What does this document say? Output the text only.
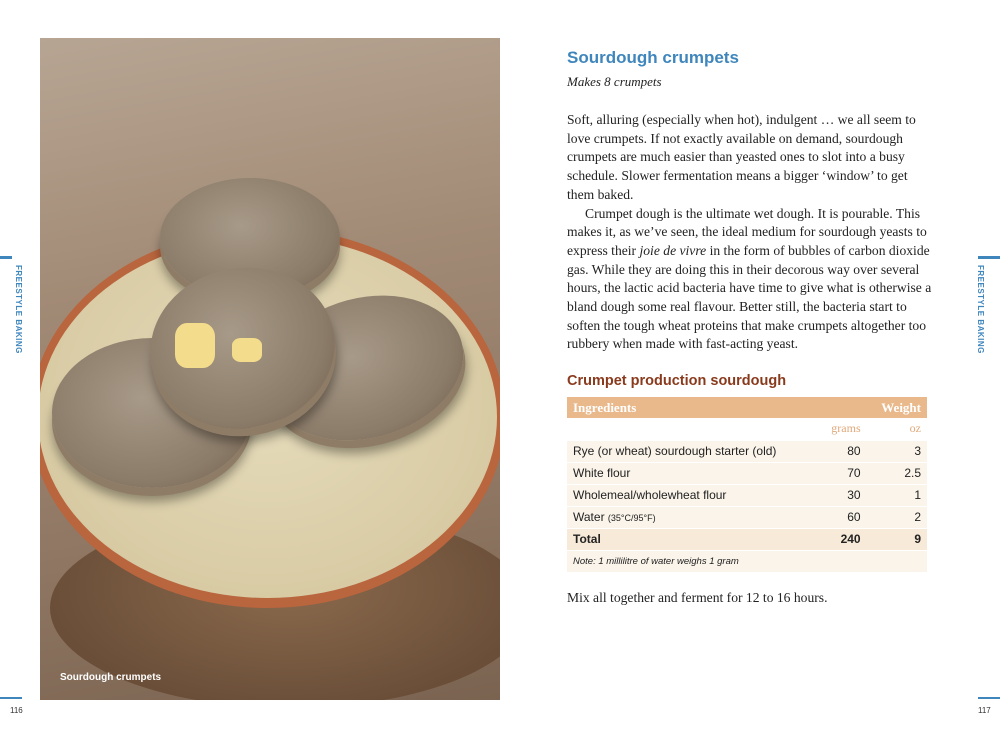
Sourdough crumpets
FREESTYLE BAKING
116
FREESTYLE BAKING
117
Sourdough crumpets
Makes 8 crumpets

Soft, alluring (especially when hot), indulgent … we all seem to love crumpets. If not exactly available on demand, sourdough crumpets are much easier than yeasted ones to slot into a busy schedule. Slower fermentation means a bigger ‘window’ to get them baked.

Crumpet dough is the ultimate wet dough. It is pourable. This makes it, as we’ve seen, the ideal medium for sourdough yeasts to express their joie de vivre in the form of bubbles of carbon dioxide gas. While they are doing this in their decorous way over several hours, the lactic acid bacteria have time to give what is otherwise a bland dough some real flavour. Better still, the bacteria start to soften the tough wheat proteins that make crumpets altogether too rubbery when made with fast-acting yeast.

Crumpet production sourdough
Ingredients		Weight
	grams	oz
Rye (or wheat) sourdough starter (old)	80	3
White flour	70	2.5
Wholemeal/wholewheat flour	30	1
Water (35°C/95°F)	60	2
Total	240	9
Note: 1 millilitre of water weighs 1 gram		

Mix all together and ferment for 12 to 16 hours.
